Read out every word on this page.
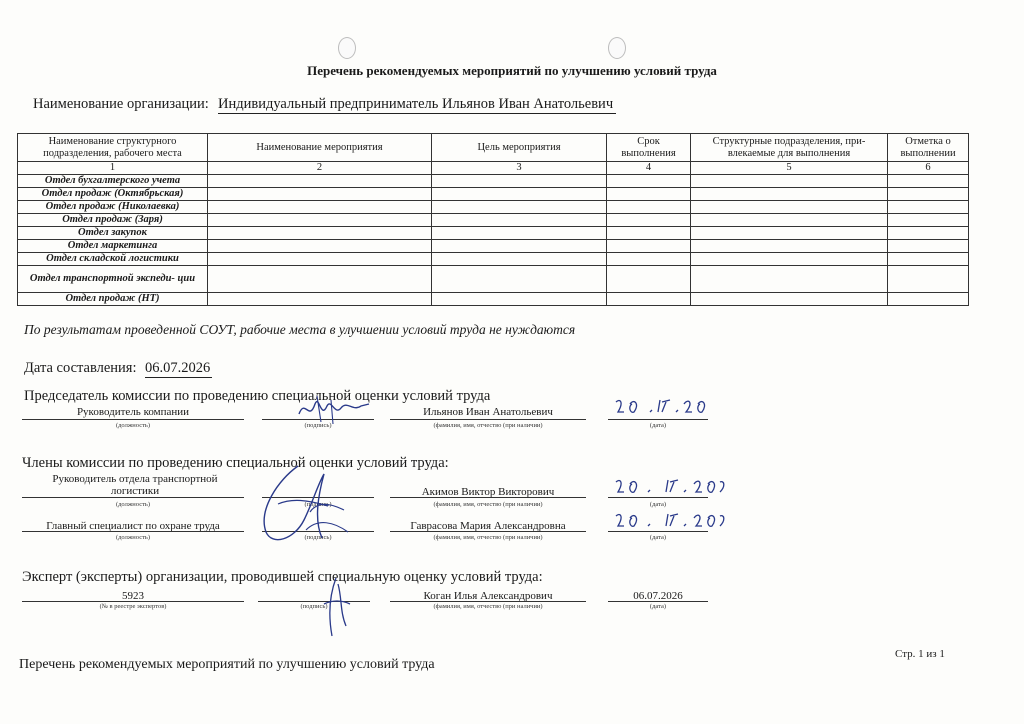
Перечень рекомендуемых мероприятий по улучшению условий труда
Наименование организации: Индивидуальный предприниматель Ильянов Иван Анатольевич
Наименование структурного подразделения, рабочего места	Наименование мероприятия	Цель мероприятия	Срок выполнения	Структурные подразделения, при- влекаемые для выполнения	Отметка о выполнении
1	2	3	4	5	6
Отдел бухгалтерского учета					
Отдел продаж (Октябрьская)					
Отдел продаж (Николаевка)					
Отдел продаж (Заря)					
Отдел закупок					
Отдел маркетинга					
Отдел складской логистики					
Отдел транспортной экспеди- ции					
Отдел продаж (НТ)					
По результатам проведенной СОУТ, рабочие места в улучшении условий труда не нуждаются
Дата составления: 06.07.2026
Председатель комиссии по проведению специальной оценки условий труда
Руководитель компании
(должность)	(подпись)
Ильянов Иван Анатольевич
(фамилия, имя, отчество (при наличии)	(дата)
Члены комиссии по проведению специальной оценки условий труда:
Руководитель отдела транспортной логистики
(должность)	(подпись)
Акимов Виктор Викторович
(фамилия, имя, отчество (при наличии)	(дата)
Главный специалист по охране труда
(должность)	(подпись)
Гаврасова Мария Александровна
(фамилия, имя, отчество (при наличии)	(дата)
Эксперт (эксперты) организации, проводившей специальную оценку условий труда:
5923
(№ в реестре экспертов)	(подпись)
Коган Илья Александрович
(фамилия, имя, отчество (при наличии)
06.07.2026
(дата)
Перечень рекомендуемых мероприятий по улучшению условий труда
Стр. 1 из 1
